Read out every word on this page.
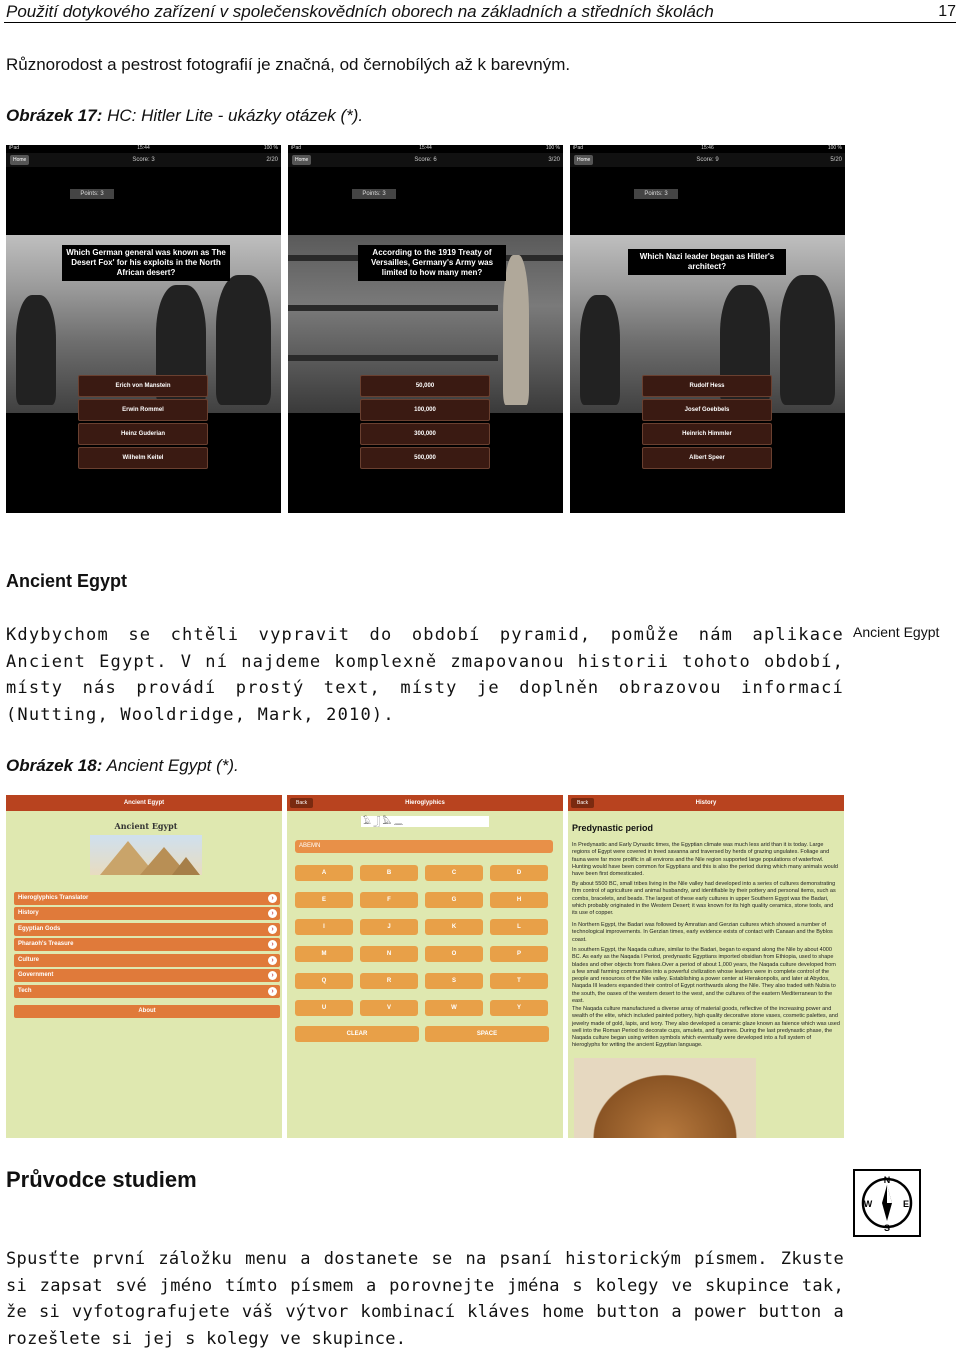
Použití dotykového zařízení v společenskovědních oborech na základních a středních školách	17
Různorodost a pestrost fotografií je značná, od černobílých až k barevným.
Obrázek 17: HC: Hitler Lite - ukázky otázek (*).
iPad	15:44	100 %
Home	Score: 3	2/20
Points: 3
Which German general was known as The Desert Fox' for his exploits in the North African desert?
Erich von Manstein
Erwin Rommel
Heinz Guderian
Wilhelm Keitel
iPad	15:44	100 %
Home	Score: 6	3/20
Points: 3
According to the 1919 Treaty of Versailles, Germany's Army was limited to how many men?
50,000
100,000
300,000
500,000
iPad	15:46	100 %
Home	Score: 9	5/20
Points: 3
Which Nazi leader began as Hitler's architect?
Rudolf Hess
Josef Goebbels
Heinrich Himmler
Albert Speer
Ancient Egypt
Kdybychom se chtěli vypravit do období pyramid, pomůže nám aplikace Ancient Egypt. V ní najdeme komplexně zmapovanou historii tohoto období, místy nás provádí prostý text, místy je doplněn obrazovou informací (Nutting, Wooldridge, Mark, 2010).
Ancient Egypt
Obrázek 18: Ancient Egypt (*).
Ancient Egypt
Ancient Egypt
Hieroglyphics Translator	›
History	›
Egyptian Gods	›
Pharaoh's Treasure	›
Culture	›
Government	›
Tech	›
About
Hieroglyphics
Back
𓄿 𓃀 𓅓 𓈖
ABEMN
A	B	C	D
E	F	G	H
I	J	K	L
M	N	O	P
Q	R	S	T
U	V	W	Y
CLEAR	SPACE
History
Back
Predynastic period
In Predynastic and Early Dynastic times, the Egyptian climate was much less arid than it is today. Large regions of Egypt were covered in treed savanna and traversed by herds of grazing ungulates. Foliage and fauna were far more prolific in all environs and the Nile region supported large populations of waterfowl. Hunting would have been common for Egyptians and this is also the period during which many animals would have been first domesticated.
By about 5500 BC, small tribes living in the Nile valley had developed into a series of cultures demonstrating firm control of agriculture and animal husbandry, and identifiable by their pottery and personal items, such as combs, bracelets, and beads. The largest of these early cultures in upper Southern Egypt was the Badari, which probably originated in the Western Desert; it was known for its high quality ceramics, stone tools, and its use of copper.
In Northern Egypt, the Badari was followed by Amratian and Gerzian cultures which showed a number of technological improvements. In Gerzian times, early evidence exists of contact with Canaan and the Byblos coast.
In southern Egypt, the Naqada culture, similar to the Badari, began to expand along the Nile by about 4000 BC. As early as the Naqada I Period, predynastic Egyptians imported obsidian from Ethiopia, used to shape blades and other objects from flakes.Over a period of about 1,000 years, the Naqada culture developed from a few small farming communities into a powerful civilization whose leaders were in complete control of the people and resources of the Nile valley. Establishing a power center at Hierakonpolis, and later at Abydos, Naqada III leaders expanded their control of Egypt northwards along the Nile. They also traded with Nubia to the south, the oases of the western desert to the west, and the cultures of the eastern Mediterranean to the east.
The Naqada culture manufactured a diverse array of material goods, reflective of the increasing power and wealth of the elite, which included painted pottery, high quality decorative stone vases, cosmetic palettes, and jewelry made of gold, lapis, and ivory. They also developed a ceramic glaze known as faience which was used well into the Roman Period to decorate cups, amulets, and figurines. During the last predynastic phase, the Naqada culture began using written symbols which eventually were developed into a full system of hieroglyphs for writing the ancient Egyptian language.
Průvodce studiem	N
S
E
W
Spusťte první záložku menu a dostanete se na psaní historickým písmem. Zkuste si zapsat své jméno tímto písmem a porovnejte jména s kolegy ve skupince tak, že si vyfotografujete váš výtvor kombinací kláves home button a power button a rozešlete si jej s kolegy ve skupince.
